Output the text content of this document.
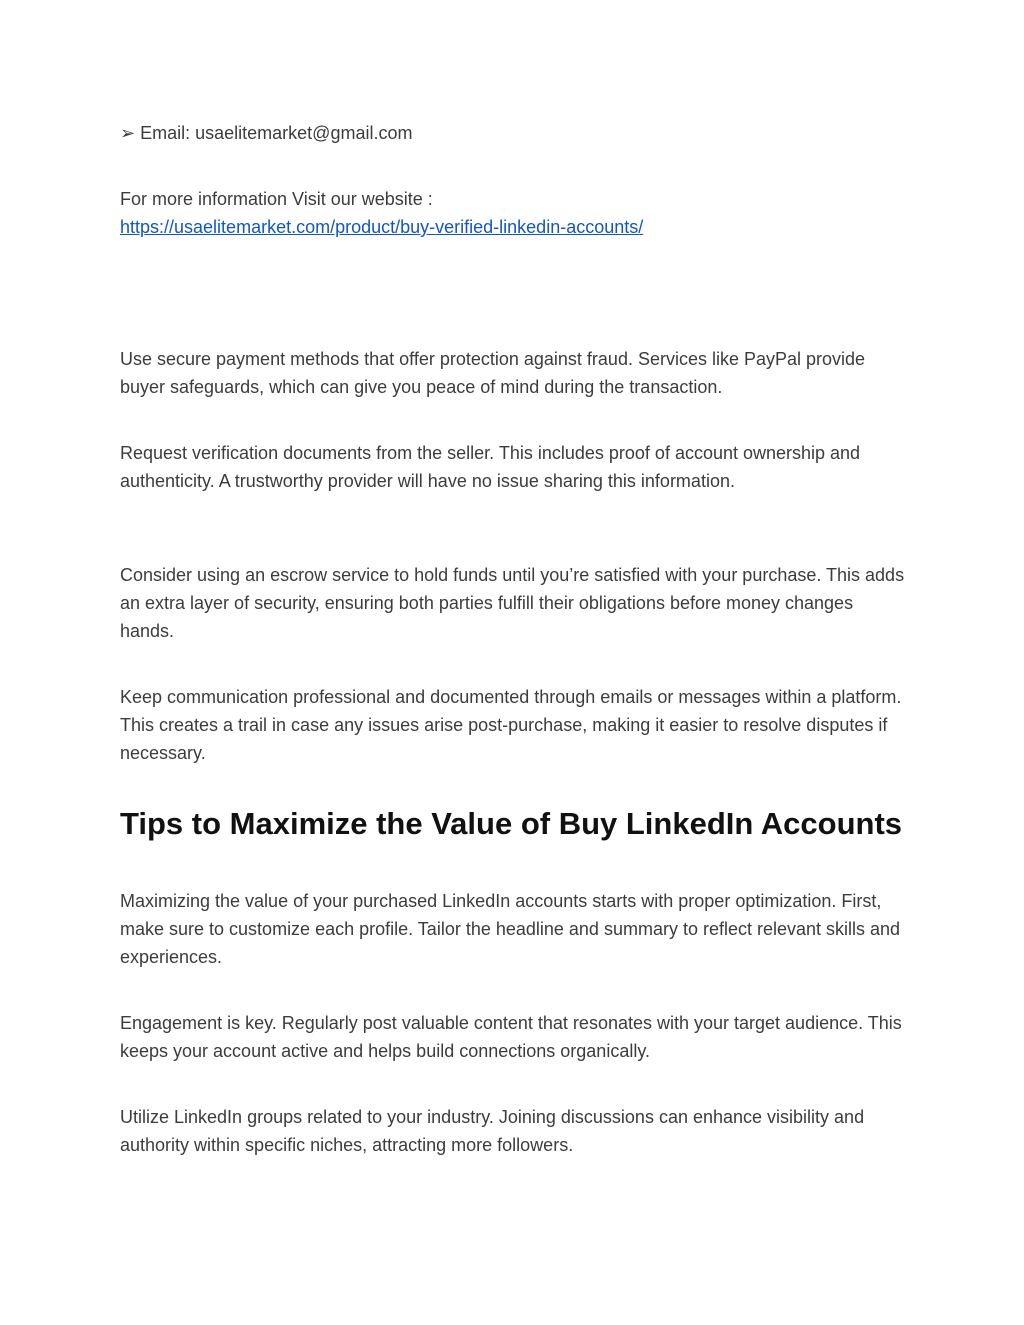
➢ Email: usaelitemarket@gmail.com

For more information Visit our website :
https://usaelitemarket.com/product/buy-verified-linkedin-accounts/

Use secure payment methods that offer protection against fraud. Services like PayPal provide buyer safeguards, which can give you peace of mind during the transaction.

Request verification documents from the seller. This includes proof of account ownership and authenticity. A trustworthy provider will have no issue sharing this information.

Consider using an escrow service to hold funds until you’re satisfied with your purchase. This adds an extra layer of security, ensuring both parties fulfill their obligations before money changes hands.

Keep communication professional and documented through emails or messages within a platform. This creates a trail in case any issues arise post-purchase, making it easier to resolve disputes if necessary.

Tips to Maximize the Value of Buy LinkedIn Accounts

Maximizing the value of your purchased LinkedIn accounts starts with proper optimization. First, make sure to customize each profile. Tailor the headline and summary to reflect relevant skills and experiences.

Engagement is key. Regularly post valuable content that resonates with your target audience. This keeps your account active and helps build connections organically.

Utilize LinkedIn groups related to your industry. Joining discussions can enhance visibility and authority within specific niches, attracting more followers.
